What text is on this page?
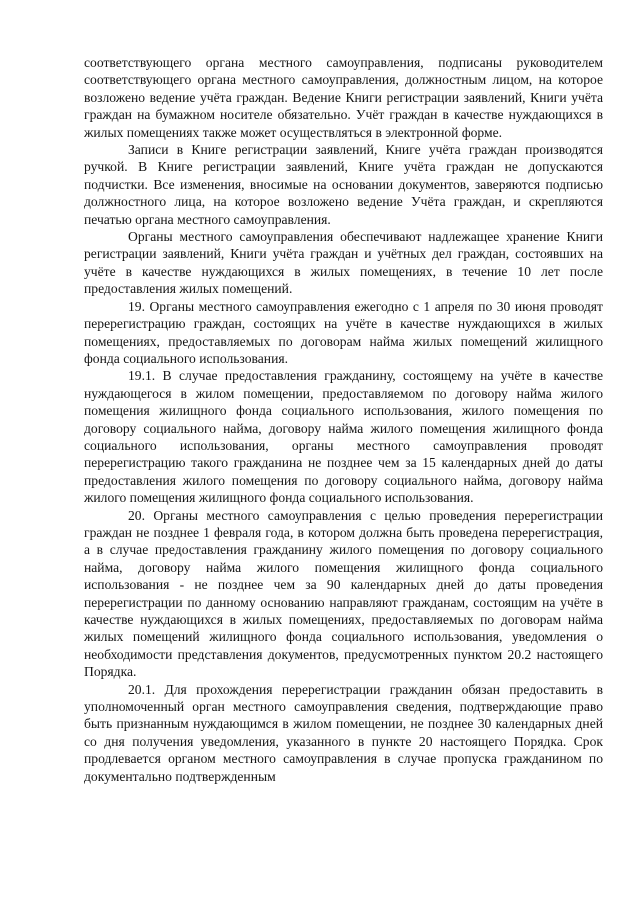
соответствующего органа местного самоуправления, подписаны руководителем соответствующего органа местного самоуправления, должностным лицом, на которое возложено ведение учёта граждан. Ведение Книги регистрации заявлений, Книги учёта граждан на бумажном носителе обязательно. Учёт граждан в качестве нуждающихся в жилых помещениях также может осуществляться в электронной форме.

Записи в Книге регистрации заявлений, Книге учёта граждан производятся ручкой. В Книге регистрации заявлений, Книге учёта граждан не допускаются подчистки. Все изменения, вносимые на основании документов, заверяются подписью должностного лица, на которое возложено ведение Учёта граждан, и скрепляются печатью органа местного самоуправления.

Органы местного самоуправления обеспечивают надлежащее хранение Книги регистрации заявлений, Книги учёта граждан и учётных дел граждан, состоявших на учёте в качестве нуждающихся в жилых помещениях, в течение 10 лет после предоставления жилых помещений.

19. Органы местного самоуправления ежегодно с 1 апреля по 30 июня проводят перерегистрацию граждан, состоящих на учёте в качестве нуждающихся в жилых помещениях, предоставляемых по договорам найма жилых помещений жилищного фонда социального использования.

19.1. В случае предоставления гражданину, состоящему на учёте в качестве нуждающегося в жилом помещении, предоставляемом по договору найма жилого помещения жилищного фонда социального использования, жилого помещения по договору социального найма, договору найма жилого помещения жилищного фонда социального использования, органы местного самоуправления проводят перерегистрацию такого гражданина не позднее чем за 15 календарных дней до даты предоставления жилого помещения по договору социального найма, договору найма жилого помещения жилищного фонда социального использования.

20. Органы местного самоуправления с целью проведения перерегистрации граждан не позднее 1 февраля года, в котором должна быть проведена перерегистрация, а в случае предоставления гражданину жилого помещения по договору социального найма, договору найма жилого помещения жилищного фонда социального использования - не позднее чем за 90 календарных дней до даты проведения перерегистрации по данному основанию направляют гражданам, состоящим на учёте в качестве нуждающихся в жилых помещениях, предоставляемых по договорам найма жилых помещений жилищного фонда социального использования, уведомления о необходимости представления документов, предусмотренных пунктом 20.2 настоящего Порядка.

20.1. Для прохождения перерегистрации гражданин обязан предоставить в уполномоченный орган местного самоуправления сведения, подтверждающие право быть признанным нуждающимся в жилом помещении, не позднее 30 календарных дней со дня получения уведомления, указанного в пункте 20 настоящего Порядка. Срок продлевается органом местного самоуправления в случае пропуска гражданином по документально подтвержденным
